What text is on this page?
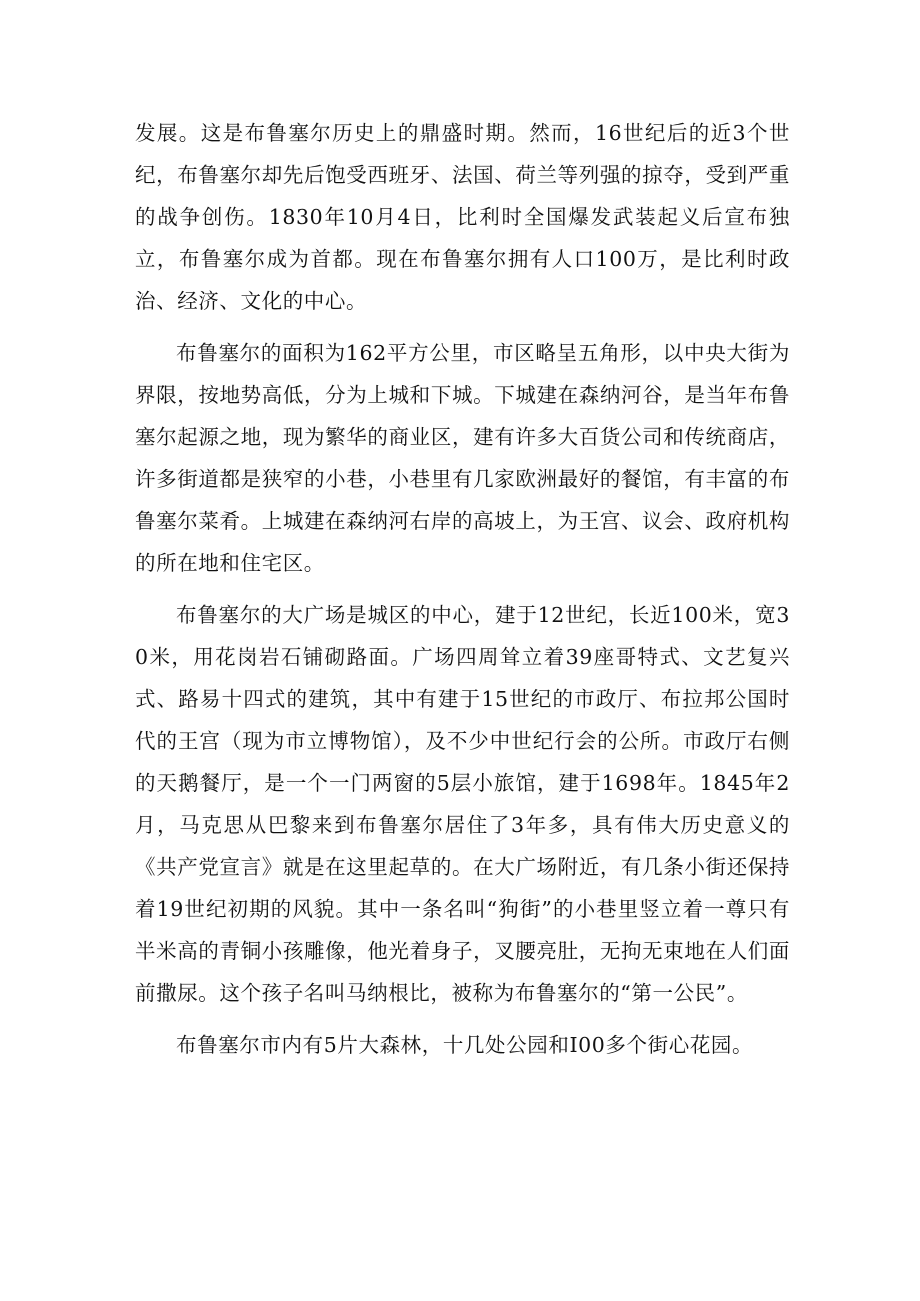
发展。这是布鲁塞尔历史上的鼎盛时期。然而，16世纪后的近3个世纪，布鲁塞尔却先后饱受西班牙、法国、荷兰等列强的掠夺，受到严重的战争创伤。1830年10月4日，比利时全国爆发武装起义后宣布独立，布鲁塞尔成为首都。现在布鲁塞尔拥有人口100万，是比利时政治、经济、文化的中心。

布鲁塞尔的面积为162平方公里，市区略呈五角形，以中央大街为界限，按地势高低，分为上城和下城。下城建在森纳河谷，是当年布鲁塞尔起源之地，现为繁华的商业区，建有许多大百货公司和传统商店，许多街道都是狭窄的小巷，小巷里有几家欧洲最好的餐馆，有丰富的布鲁塞尔菜肴。上城建在森纳河右岸的高坡上，为王宫、议会、政府机构的所在地和住宅区。

布鲁塞尔的大广场是城区的中心，建于12世纪，长近100米，宽30米，用花岗岩石铺砌路面。广场四周耸立着39座哥特式、文艺复兴式、路易十四式的建筑，其中有建于15世纪的市政厅、布拉邦公国时代的王宫（现为市立博物馆），及不少中世纪行会的公所。市政厅右侧的天鹅餐厅，是一个一门两窗的5层小旅馆，建于1698年。1845年2月，马克思从巴黎来到布鲁塞尔居住了3年多，具有伟大历史意义的《共产党宣言》就是在这里起草的。在大广场附近，有几条小街还保持着19世纪初期的风貌。其中一条名叫“狗街”的小巷里竖立着一尊只有半米高的青铜小孩雕像，他光着身子，叉腰亮肚，无拘无束地在人们面前撒尿。这个孩子名叫马纳根比，被称为布鲁塞尔的“第一公民”。

布鲁塞尔市内有5片大森林，十几处公园和I00多个街心花园。
